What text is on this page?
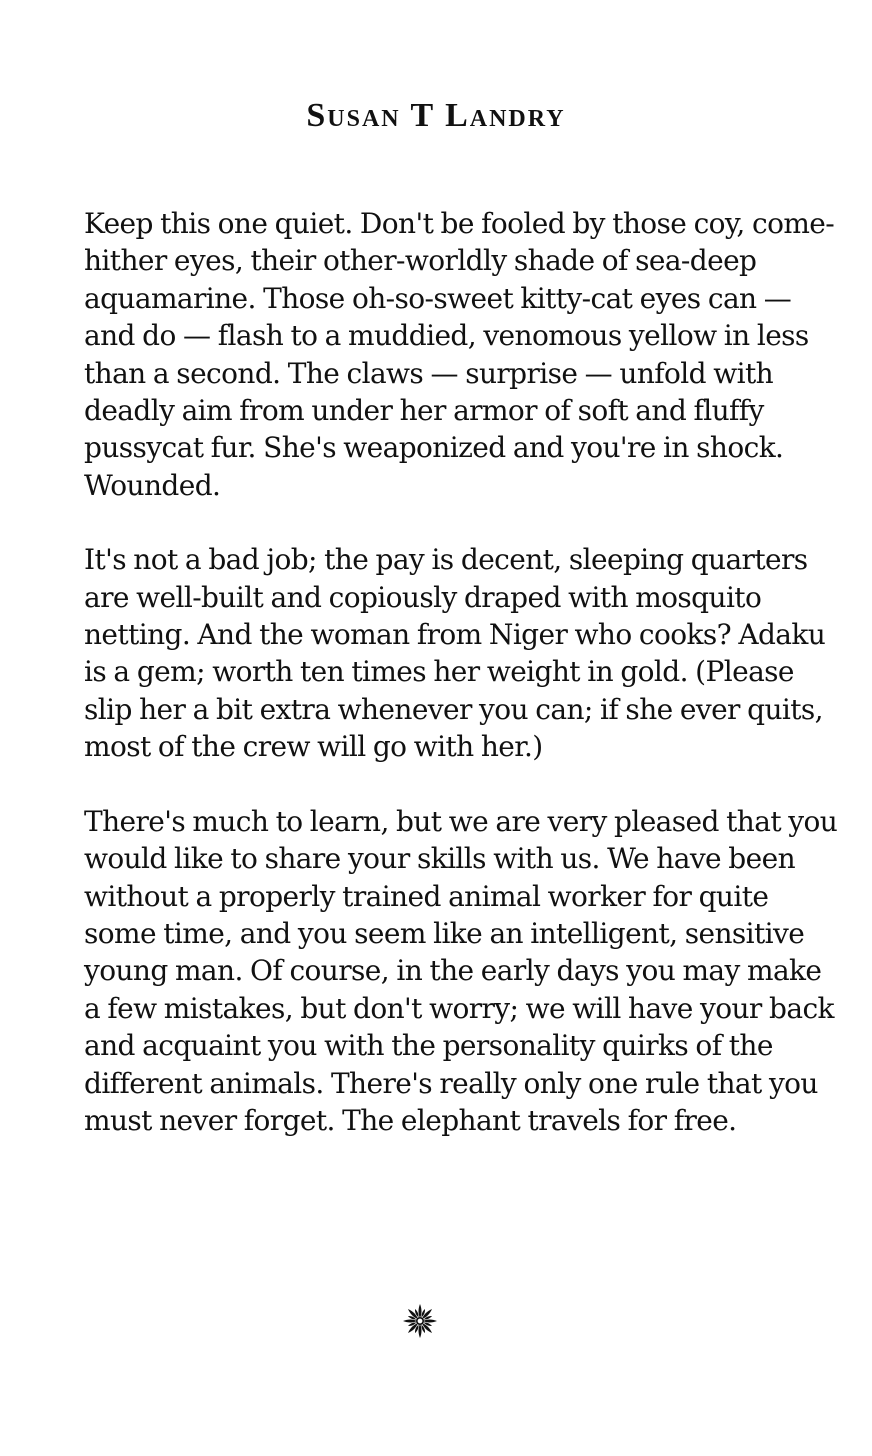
Susan T Landry

Keep this one quiet. Don't be fooled by those coy, come-hither eyes, their other-worldly shade of sea-deep aquamarine. Those oh-so-sweet kitty-cat eyes can — and do — flash to a muddied, venomous yellow in less than a second. The claws — surprise — unfold with deadly aim from under her armor of soft and fluffy pussycat fur. She's weaponized and you're in shock. Wounded.

It's not a bad job; the pay is decent, sleeping quarters are well-built and copiously draped with mosquito netting. And the woman from Niger who cooks? Adaku is a gem; worth ten times her weight in gold. (Please slip her a bit extra whenever you can; if she ever quits, most of the crew will go with her.)

There's much to learn, but we are very pleased that you would like to share your skills with us. We have been without a properly trained animal worker for quite some time, and you seem like an intelligent, sensitive young man. Of course, in the early days you may make a few mistakes, but don't worry; we will have your back and acquaint you with the personality quirks of the different animals. There's really only one rule that you must never forget. The elephant travels for free.
